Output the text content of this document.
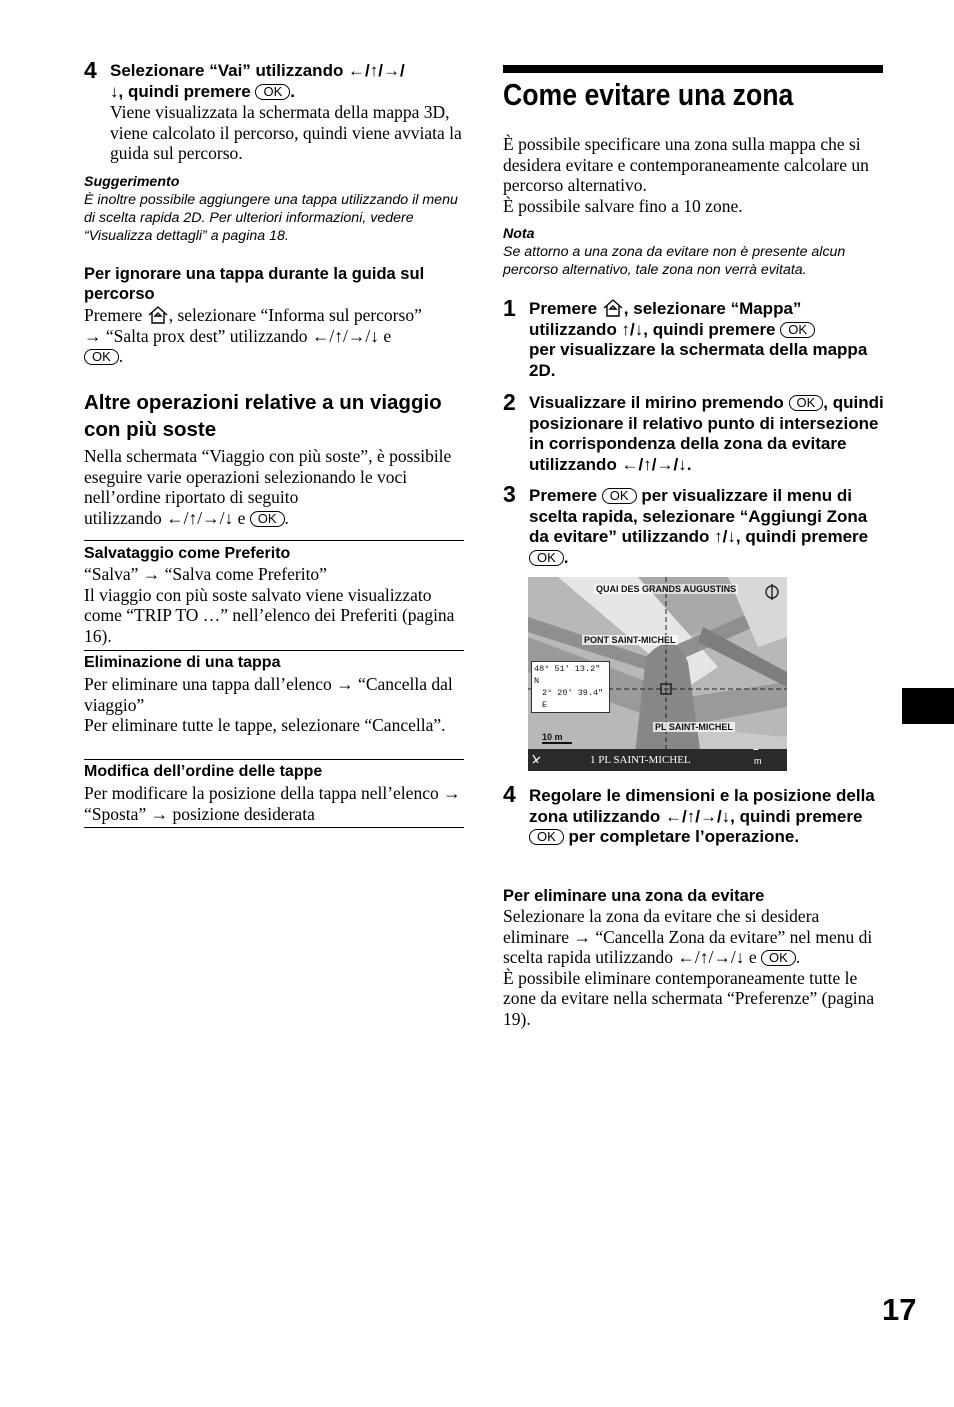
4 Selezionare “Vai” utilizzando ←/↑/→/
↓, quindi premere OK .
Viene visualizzata la schermata della mappa 3D, viene calcolato il percorso, quindi viene avviata la guida sul percorso.
Suggerimento
È inoltre possibile aggiungere una tappa utilizzando il menu di scelta rapida 2D. Per ulteriori informazioni, vedere “Visualizza dettagli” a pagina 18.
Per ignorare una tappa durante la guida sul percorso
Premere , selezionare “Informa sul percorso”
→ “Salta prox dest” utilizzando ←/↑/→/↓ e
OK .
Altre operazioni relative a un viaggio con più soste
Nella schermata “Viaggio con più soste”, è possibile eseguire varie operazioni selezionando le voci nell’ordine riportato di seguito
utilizzando ←/↑/→/↓ e OK .
Salvataggio come Preferito
“Salva” → “Salva come Preferito”
Il viaggio con più soste salvato viene visualizzato come “TRIP TO …” nell’elenco dei Preferiti (pagina 16).
Eliminazione di una tappa
Per eliminare una tappa dall’elenco → “Cancella dal viaggio”
Per eliminare tutte le tappe, selezionare “Cancella”.
Modifica dell’ordine delle tappe
Per modificare la posizione della tappa nell’elenco → “Sposta” → posizione desiderata
Come evitare una zona
È possibile specificare una zona sulla mappa che si desidera evitare e contemporaneamente calcolare un percorso alternativo.
È possibile salvare fino a 10 zone.
Nota
Se attorno a una zona da evitare non è presente alcun percorso alternativo, tale zona non verrà evitata.
1 Premere , selezionare “Mappa”
utilizzando ↑/↓, quindi premere OK
per visualizzare la schermata della mappa 2D.
2 Visualizzare il mirino premendo OK , quindi posizionare il relativo punto di intersezione in corrispondenza della zona da evitare utilizzando ←/↑/→/↓.
3 Premere OK per visualizzare il menu di scelta rapida, selezionare “Aggiungi Zona da evitare” utilizzando ↑/↓, quindi premere OK .
QUAI DES GRANDS AUGUSTINS
PONT SAINT-MICHEL
PL SAINT-MICHEL
48° 51' 13.2" N
2° 20' 39.4" E
10 m
1 PL SAINT-MICHEL
–
m
4 Regolare le dimensioni e la posizione della zona utilizzando ←/↑/→/↓, quindi premere OK per completare l’operazione.
Per eliminare una zona da evitare
Selezionare la zona da evitare che si desidera eliminare → “Cancella Zona da evitare” nel menu di scelta rapida utilizzando ←/↑/→/↓ e OK .
È possibile eliminare contemporaneamente tutte le zone da evitare nella schermata “Preferenze” (pagina 19).
17
